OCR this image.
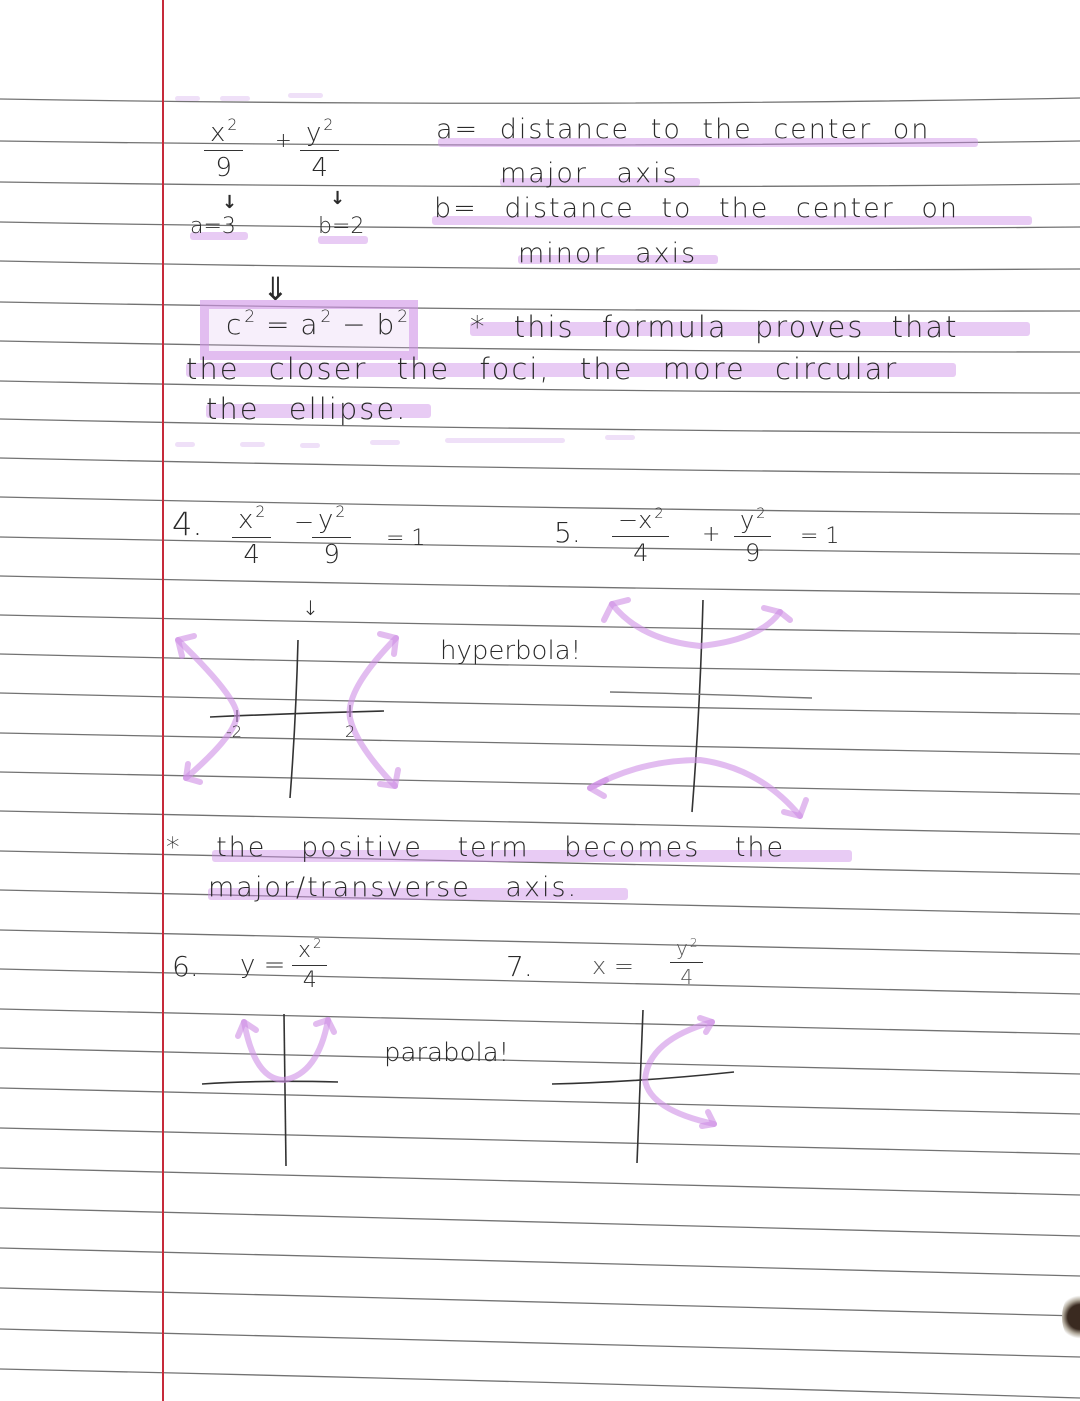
$\frac{x ^2}{9} + \frac{y ^2}{4}$
↓	↓
a=3	b=2
a= distance to the center on
major axis
b= distance to the center on
minor axis
⇓
c $^2$ = a $^2$ − b $^2$ * this formula proves that
the closer the foci, the more circular
the ellipse.
4. $\frac{x ^2}{4}$ −
$\frac{y ^2}{9} = 1$
↓
5. $\frac{-x ^2}{4} + \frac{y ^2}{9} = 1$
hyperbola!
-2	2
* the positive term becomes the
major/transverse axis.
6. $y = \frac{x ^2}{4}$	7. $x = \frac{y ^2}{4}$
parabola!
